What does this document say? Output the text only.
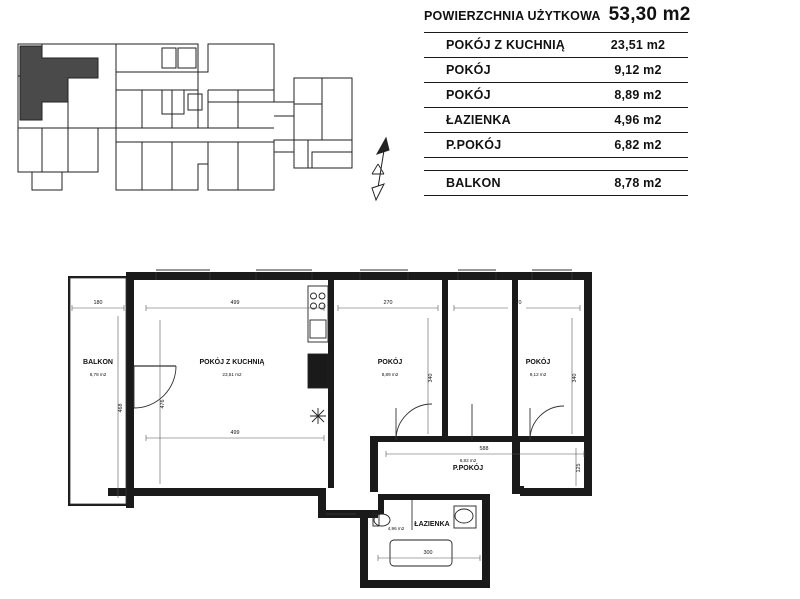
POWIERZCHNIA UŻYTKOWA 53,30 m2
POKÓJ Z KUCHNIĄ	23,51 m2
POKÓJ	9,12 m2
POKÓJ	8,89 m2
ŁAZIENKA	4,96 m2
P.POKÓJ	6,82 m2
BALKON	8,78 m2
BALKON
8,78 m2
POKÓJ Z KUCHNIĄ
23,51 m2
POKÓJ
8,89 m2
POKÓJ
9,12 m2
P.POKÓJ
6,82 m2
ŁAZIENKA
4,96 m2
180
468
499
499
476
270
340
270
340
588
125
300
